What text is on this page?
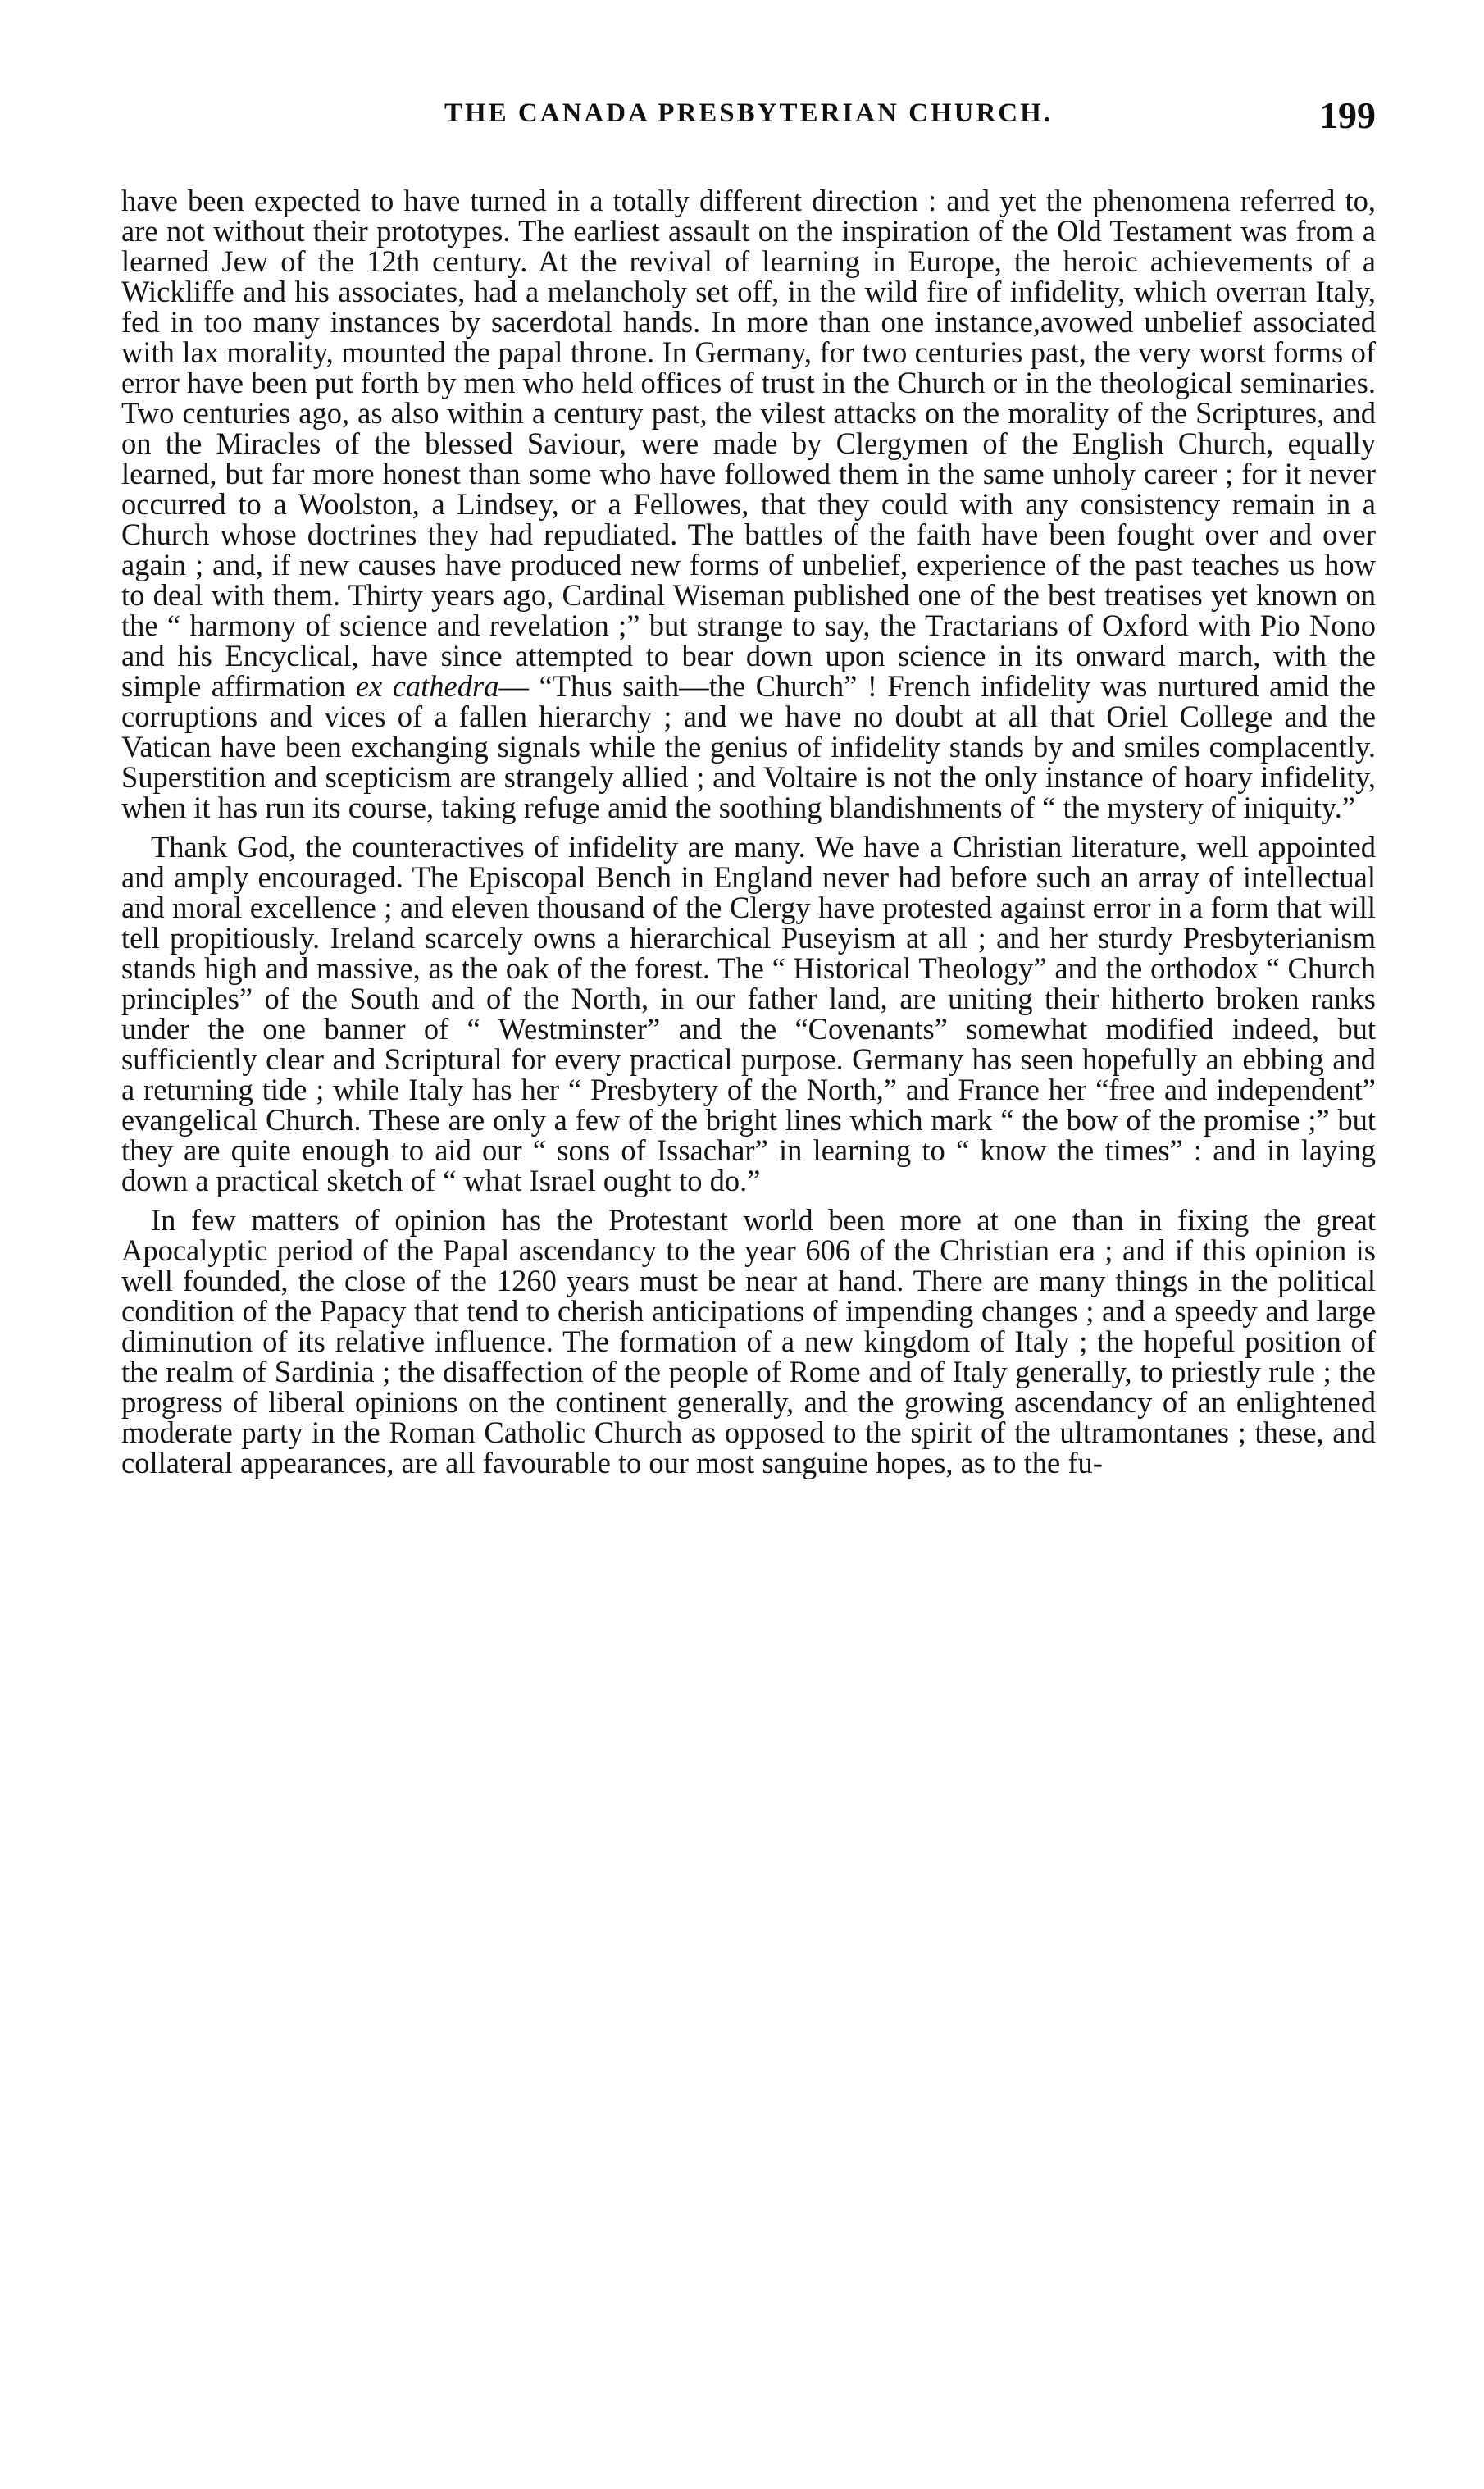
THE CANADA PRESBYTERIAN CHURCH.	199

have been expected to have turned in a totally different direction : and yet the phenomena referred to, are not without their prototypes. The earliest assault on the inspiration of the Old Testament was from a learned Jew of the 12th century. At the revival of learning in Europe, the heroic achievements of a Wickliffe and his associates, had a melancholy set off, in the wild fire of infidelity, which overran Italy, fed in too many instances by sacerdotal hands. In more than one instance,avowed unbelief associated with lax morality, mounted the papal throne. In Germany, for two centuries past, the very worst forms of error have been put forth by men who held offices of trust in the Church or in the theological seminaries. Two centuries ago, as also within a century past, the vilest attacks on the morality of the Scriptures, and on the Miracles of the blessed Saviour, were made by Clergymen of the English Church, equally learned, but far more honest than some who have followed them in the same unholy career ; for it never occurred to a Woolston, a Lindsey, or a Fellowes, that they could with any consistency remain in a Church whose doctrines they had repudiated. The battles of the faith have been fought over and over again ; and, if new causes have produced new forms of unbelief, experience of the past teaches us how to deal with them. Thirty years ago, Cardinal Wiseman published one of the best treatises yet known on the “ harmony of science and revelation ;” but strange to say, the Tractarians of Oxford with Pio Nono and his Encyclical, have since attempted to bear down upon science in its onward march, with the simple affirmation ex cathedra— “Thus saith—the Church” ! French infidelity was nurtured amid the corruptions and vices of a fallen hierarchy ; and we have no doubt at all that Oriel College and the Vatican have been exchanging signals while the genius of infidelity stands by and smiles complacently. Superstition and scepticism are strangely allied ; and Voltaire is not the only instance of hoary infidelity, when it has run its course, taking refuge amid the soothing blandishments of “ the mystery of iniquity.”

Thank God, the counteractives of infidelity are many. We have a Christian literature, well appointed and amply encouraged. The Episcopal Bench in England never had before such an array of intellectual and moral excellence ; and eleven thousand of the Clergy have protested against error in a form that will tell propitiously. Ireland scarcely owns a hierarchical Puseyism at all ; and her sturdy Presbyterianism stands high and massive, as the oak of the forest. The “ Historical Theology” and the orthodox “ Church principles” of the South and of the North, in our father land, are uniting their hitherto broken ranks under the one banner of “ Westminster” and the “Covenants” somewhat modified indeed, but sufficiently clear and Scriptural for every practical purpose. Germany has seen hopefully an ebbing and a returning tide ; while Italy has her “ Presbytery of the North,” and France her “free and independent” evangelical Church. These are only a few of the bright lines which mark “ the bow of the promise ;” but they are quite enough to aid our “ sons of Issachar” in learning to “ know the times” : and in laying down a practical sketch of “ what Israel ought to do.”

In few matters of opinion has the Protestant world been more at one than in fixing the great Apocalyptic period of the Papal ascendancy to the year 606 of the Christian era ; and if this opinion is well founded, the close of the 1260 years must be near at hand. There are many things in the political condition of the Papacy that tend to cherish anticipations of impending changes ; and a speedy and large diminution of its relative influence. The formation of a new kingdom of Italy ; the hopeful position of the realm of Sardinia ; the disaffection of the people of Rome and of Italy generally, to priestly rule ; the progress of liberal opinions on the continent generally, and the growing ascendancy of an enlightened moderate party in the Roman Catholic Church as opposed to the spirit of the ultramontanes ; these, and collateral appearances, are all favourable to our most sanguine hopes, as to the fu-
